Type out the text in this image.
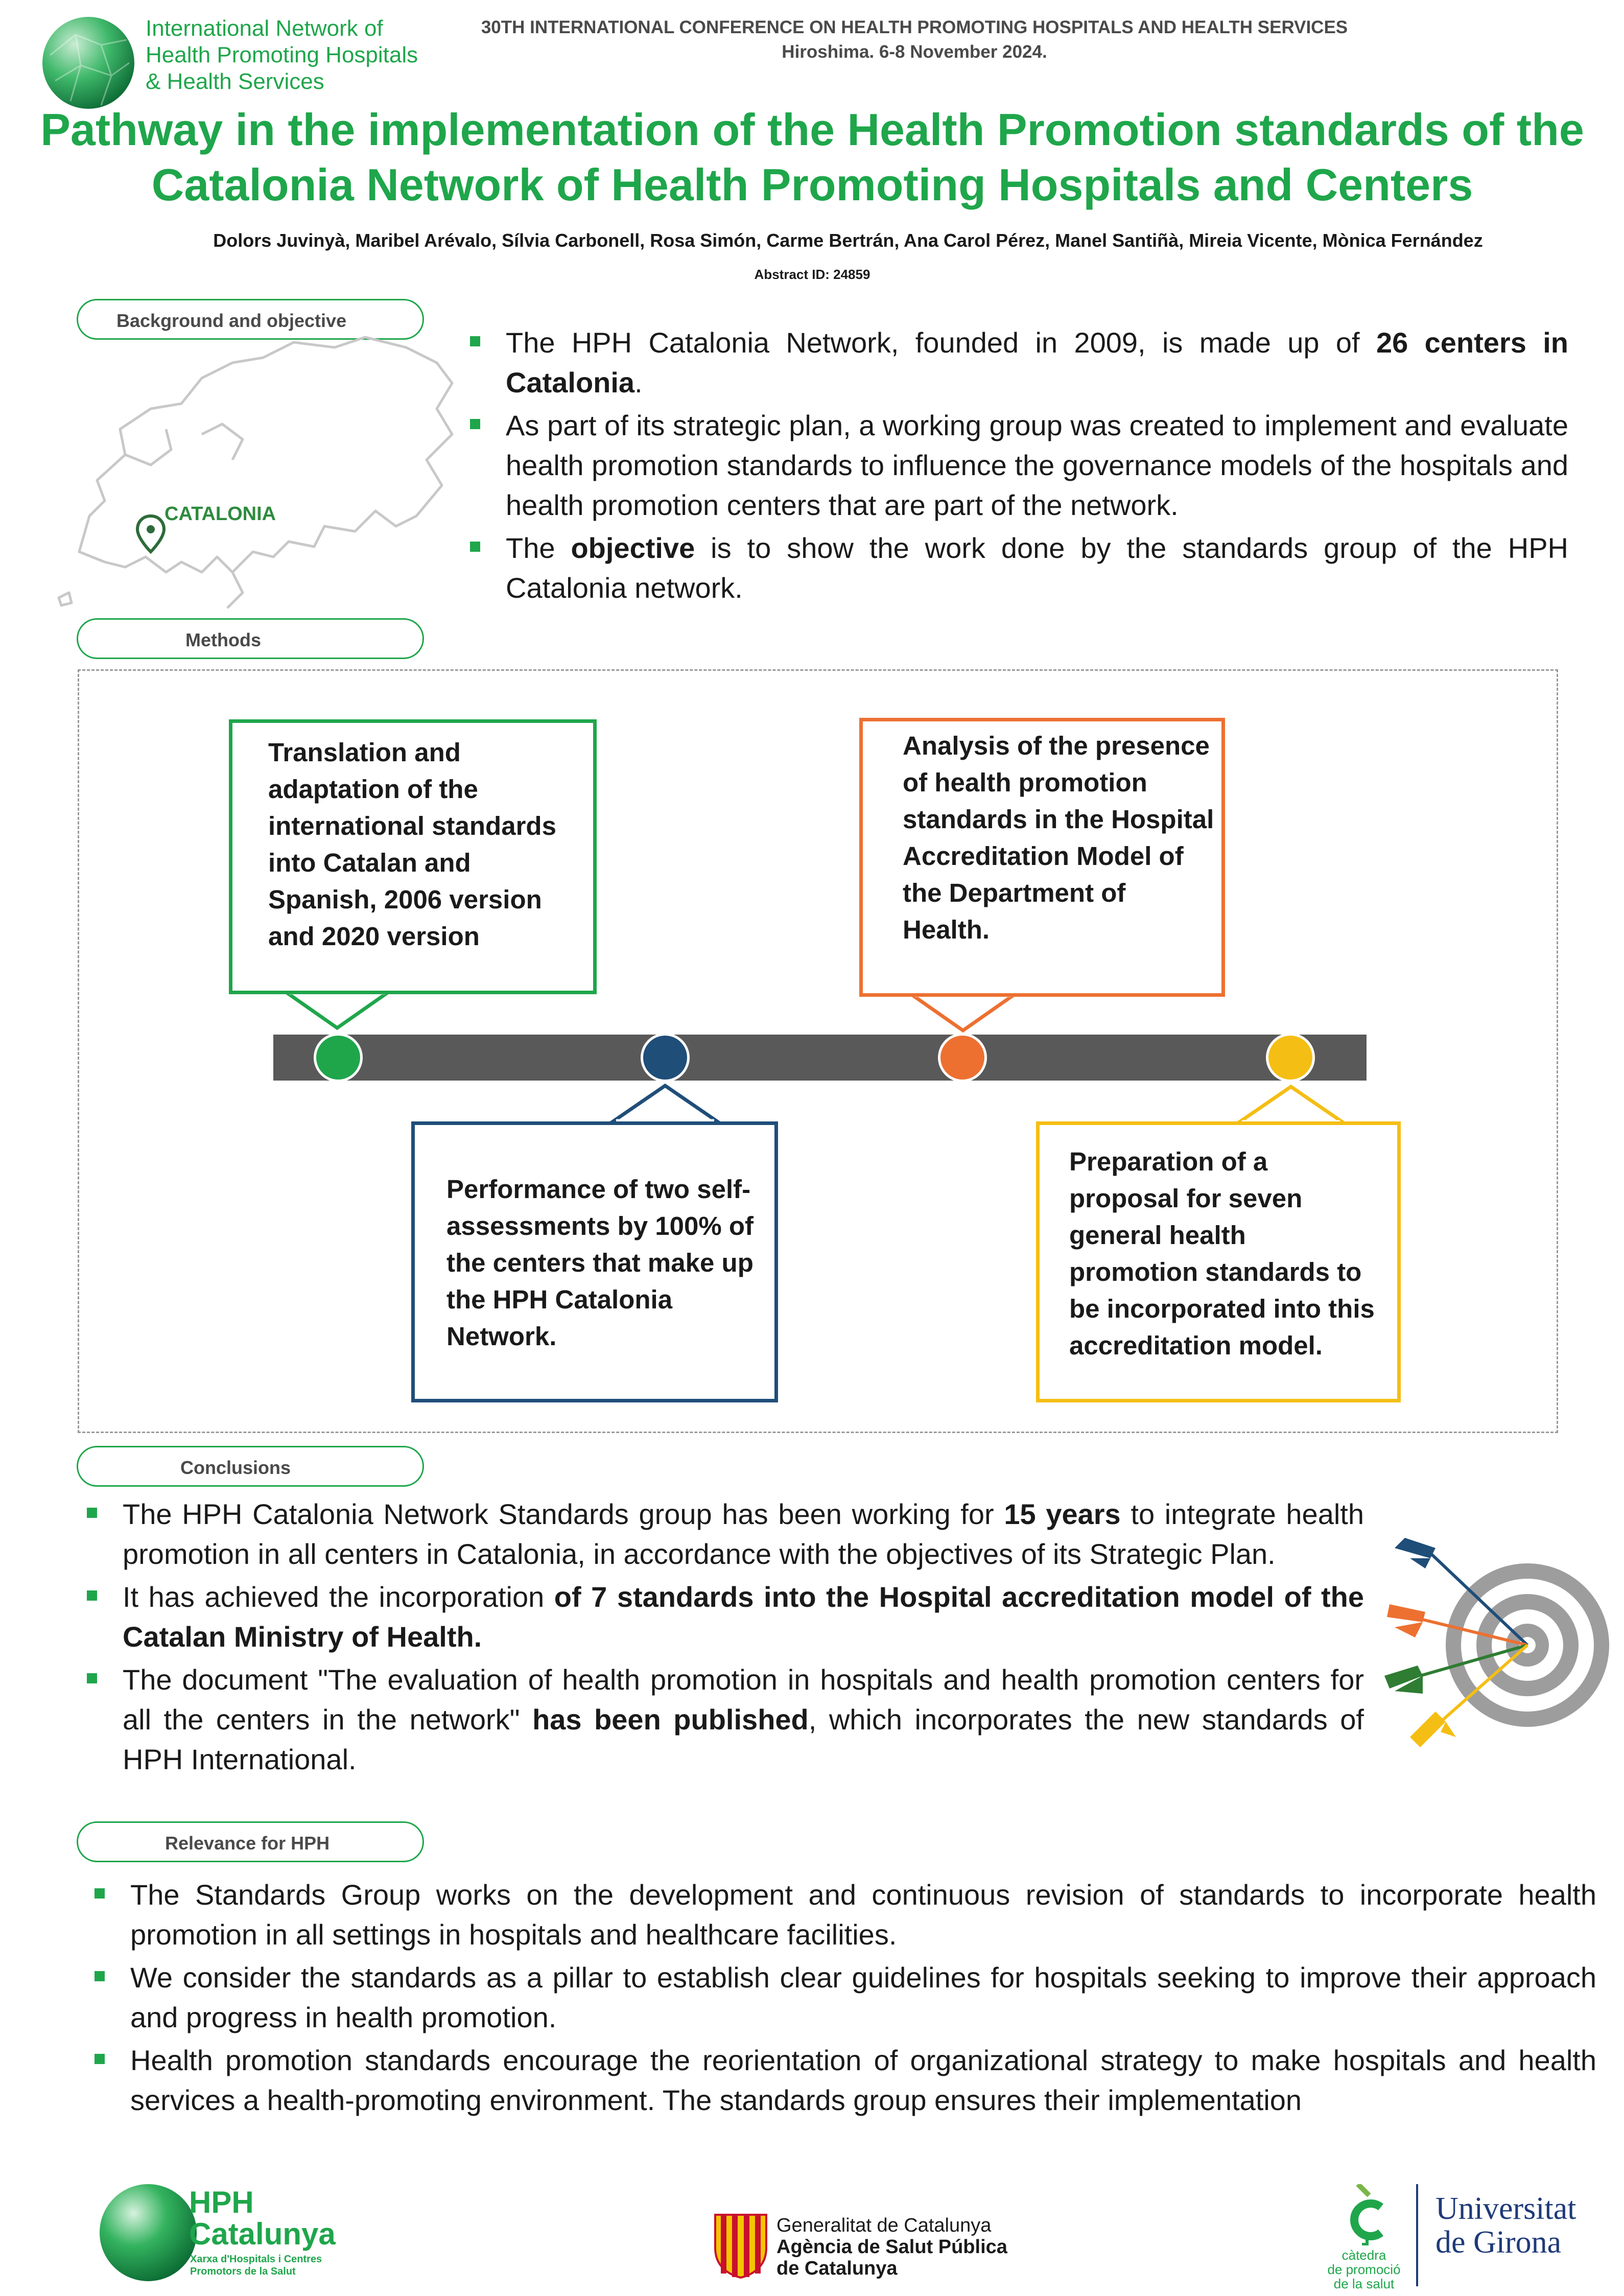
International Network of
Health Promoting Hospitals
& Health Services
30TH INTERNATIONAL CONFERENCE ON HEALTH PROMOTING HOSPITALS AND HEALTH SERVICES
Hiroshima. 6-8 November 2024.
Pathway in the implementation of the Health Promotion standards of the
Catalonia Network of Health Promoting Hospitals and Centers
Dolors Juvinyà, Maribel Arévalo, Sílvia Carbonell, Rosa Simón, Carme Bertrán, Ana Carol Pérez, Manel Santiñà, Mireia Vicente, Mònica Fernández
Abstract ID: 24859
Background and objective
CATALONIA
The HPH Catalonia Network, founded in 2009, is made up of 26 centers in Catalonia.
As part of its strategic plan, a working group was created to implement and evaluate health promotion standards to influence the governance models of the hospitals and health promotion centers that are part of the network.
The objective is to show the work done by the standards group of the HPH Catalonia network.
Methods
Translation and adaptation of the international standards into Catalan and Spanish, 2006 version and 2020 version
Performance of two self-assessments by 100% of the centers that make up the HPH Catalonia Network.
Analysis of the presence of health promotion standards in the Hospital Accreditation Model of the Department of Health.
Preparation of a proposal for seven general health promotion standards to be incorporated into this accreditation model.
Conclusions
The HPH Catalonia Network Standards group has been working for 15 years to integrate health promotion in all centers in Catalonia, in accordance with the objectives of its Strategic Plan.
It has achieved the incorporation of 7 standards into the Hospital accreditation model of the Catalan Ministry of Health.
The document "The evaluation of health promotion in hospitals and health promotion centers for all the centers in the network" has been published, which incorporates the new standards of HPH International.
Relevance for HPH
The Standards Group works on the development and continuous revision of standards to incorporate health promotion in all settings in hospitals and healthcare facilities.
We consider the standards as a pillar to establish clear guidelines for hospitals seeking to improve their approach and progress in health promotion.
Health promotion standards encourage the reorientation of organizational strategy to make hospitals and health services a health-promoting environment. The standards group ensures their implementation
HPH
Catalunya
Xarxa d'Hospitals i Centres
Promotors de la Salut
Generalitat de Catalunya
Agència de Salut Pública
de Catalunya
càtedra
de promoció
de la salut
Universitat
de Girona
